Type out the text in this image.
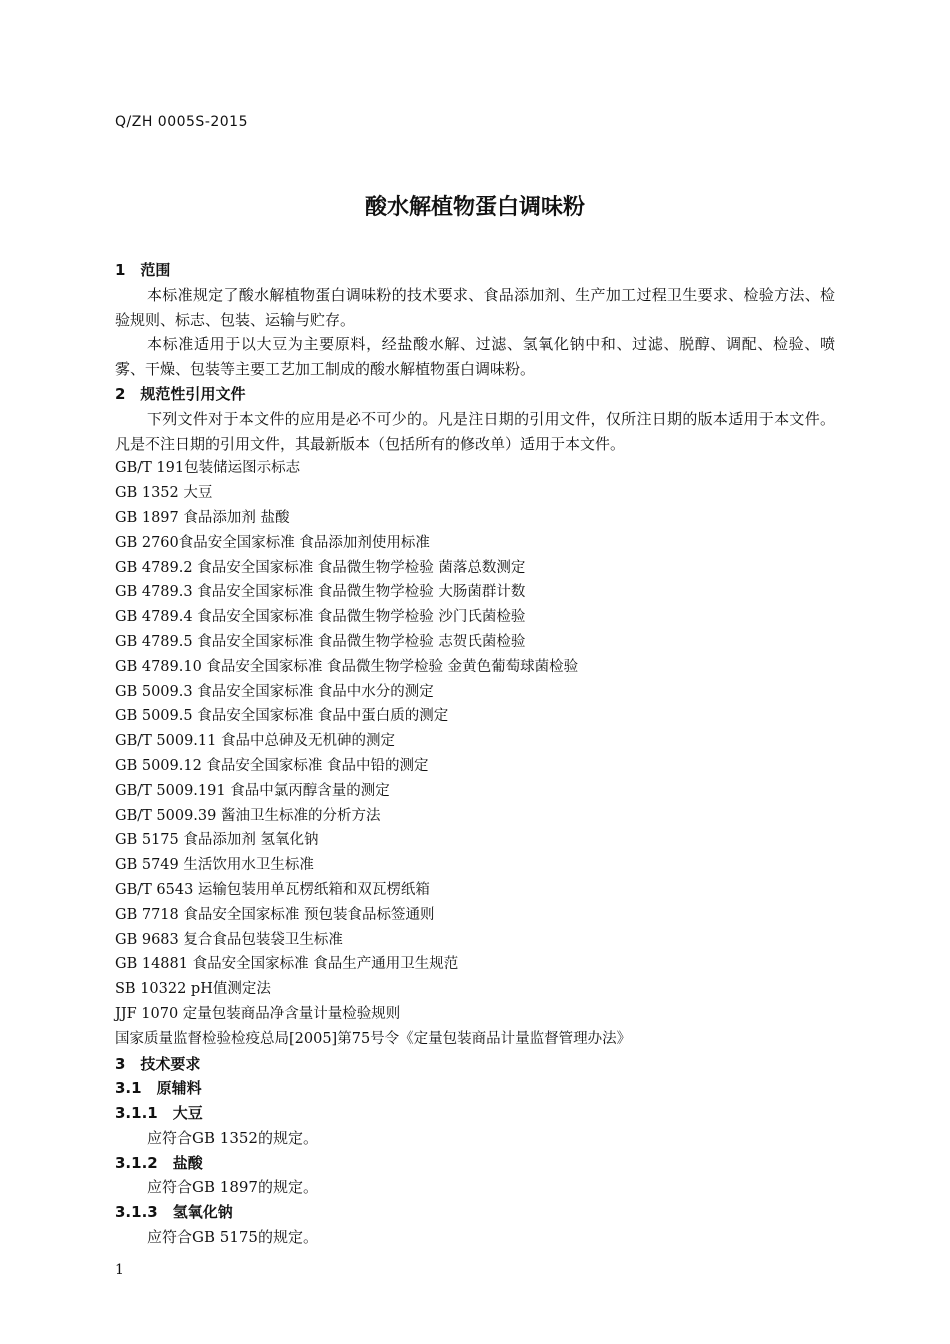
Q/ZH 0005S-2015
酸水解植物蛋白调味粉
1　范围
本标准规定了酸水解植物蛋白调味粉的技术要求、食品添加剂、生产加工过程卫生要求、检验方法、检验规则、标志、包装、运输与贮存。
本标准适用于以大豆为主要原料，经盐酸水解、过滤、氢氧化钠中和、过滤、脱醇、调配、检验、喷雾、干燥、包装等主要工艺加工制成的酸水解植物蛋白调味粉。
2　规范性引用文件
下列文件对于本文件的应用是必不可少的。凡是注日期的引用文件，仅所注日期的版本适用于本文件。凡是不注日期的引用文件，其最新版本（包括所有的修改单）适用于本文件。
GB/T 191包装储运图示标志
GB 1352 大豆
GB 1897 食品添加剂 盐酸
GB 2760食品安全国家标准 食品添加剂使用标准
GB 4789.2 食品安全国家标准 食品微生物学检验 菌落总数测定
GB 4789.3 食品安全国家标准 食品微生物学检验 大肠菌群计数
GB 4789.4 食品安全国家标准 食品微生物学检验 沙门氏菌检验
GB 4789.5 食品安全国家标准 食品微生物学检验 志贺氏菌检验
GB 4789.10 食品安全国家标准 食品微生物学检验 金黄色葡萄球菌检验
GB 5009.3 食品安全国家标准 食品中水分的测定
GB 5009.5 食品安全国家标准 食品中蛋白质的测定
GB/T 5009.11 食品中总砷及无机砷的测定
GB 5009.12 食品安全国家标准 食品中铅的测定
GB/T 5009.191 食品中氯丙醇含量的测定
GB/T 5009.39 酱油卫生标准的分析方法
GB 5175 食品添加剂 氢氧化钠
GB 5749 生活饮用水卫生标准
GB/T 6543 运输包装用单瓦楞纸箱和双瓦楞纸箱
GB 7718 食品安全国家标准 预包装食品标签通则
GB 9683 复合食品包装袋卫生标准
GB 14881 食品安全国家标准 食品生产通用卫生规范
SB 10322 pH值测定法
JJF 1070 定量包装商品净含量计量检验规则
国家质量监督检验检疫总局[2005]第75号令《定量包装商品计量监督管理办法》
3　技术要求
3.1　原辅料
3.1.1　大豆
应符合GB 1352的规定。
3.1.2　盐酸
应符合GB 1897的规定。
3.1.3　氢氧化钠
应符合GB 5175的规定。
1
